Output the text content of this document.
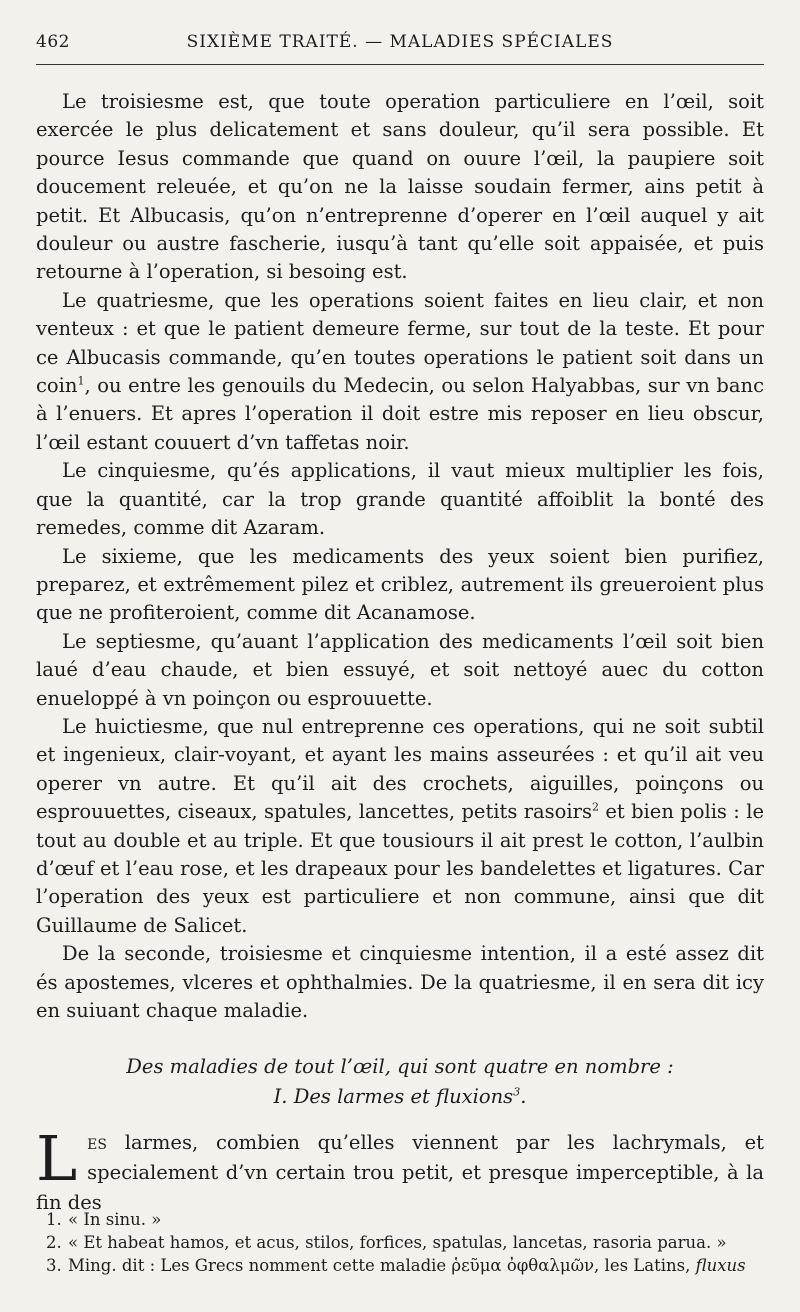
462	SIXIÈME TRAITÉ. — MALADIES SPÉCIALES

Le troisiesme est, que toute operation particuliere en l’œil, soit exercée le plus delicatement et sans douleur, qu’il sera possible. Et pource Iesus commande que quand on ouure l’œil, la paupiere soit doucement releuée, et qu’on ne la laisse soudain fermer, ains petit à petit. Et Albucasis, qu’on n’entreprenne d’operer en l’œil auquel y ait douleur ou austre fascherie, iusqu’à tant qu’elle soit appaisée, et puis retourne à l’operation, si besoing est.

Le quatriesme, que les operations soient faites en lieu clair, et non venteux : et que le patient demeure ferme, sur tout de la teste. Et pour ce Albucasis commande, qu’en toutes operations le patient soit dans un coin$^1$, ou entre les genouils du Medecin, ou selon Halyabbas, sur vn banc à l’enuers. Et apres l’operation il doit estre mis reposer en lieu obscur, l’œil estant couuert d’vn taffetas noir.

Le cinquiesme, qu’és applications, il vaut mieux multiplier les fois, que la quantité, car la trop grande quantité affoiblit la bonté des remedes, comme dit Azaram.

Le sixieme, que les medicaments des yeux soient bien purifiez, preparez, et extrêmement pilez et criblez, autrement ils greueroient plus que ne profiteroient, comme dit Acanamose.

Le septiesme, qu’auant l’application des medicaments l’œil soit bien laué d’eau chaude, et bien essuyé, et soit nettoyé auec du cotton enueloppé à vn poinçon ou esprouuette.

Le huictiesme, que nul entreprenne ces operations, qui ne soit subtil et ingenieux, clair-voyant, et ayant les mains asseurées : et qu’il ait veu operer vn autre. Et qu’il ait des crochets, aiguilles, poinçons ou esprouuettes, ciseaux, spatules, lancettes, petits rasoirs$^2$ et bien polis : le tout au double et au triple. Et que tousiours il ait prest le cotton, l’aulbin d’œuf et l’eau rose, et les drapeaux pour les bandelettes et ligatures. Car l’operation des yeux est particuliere et non commune, ainsi que dit Guillaume de Salicet.

De la seconde, troisiesme et cinquiesme intention, il a esté assez dit és apostemes, vlceres et ophthalmies. De la quatriesme, il en sera dit icy en suiuant chaque maladie.

Des maladies de tout l’œil, qui sont quatre en nombre :
I. Des larmes et fluxions$^3$.
Les larmes, combien qu’elles viennent par les lachrymals, et specialement d’vn certain trou petit, et presque imperceptible, à la fin des
1. « In sinu. »
2. « Et habeat hamos, et acus, stilos, forfices, spatulas, lancetas, rasoria parua. »
3. Ming. dit : Les Grecs nomment cette maladie ῥεῦμα ὀφθαλμῶν, les Latins, fluxus
